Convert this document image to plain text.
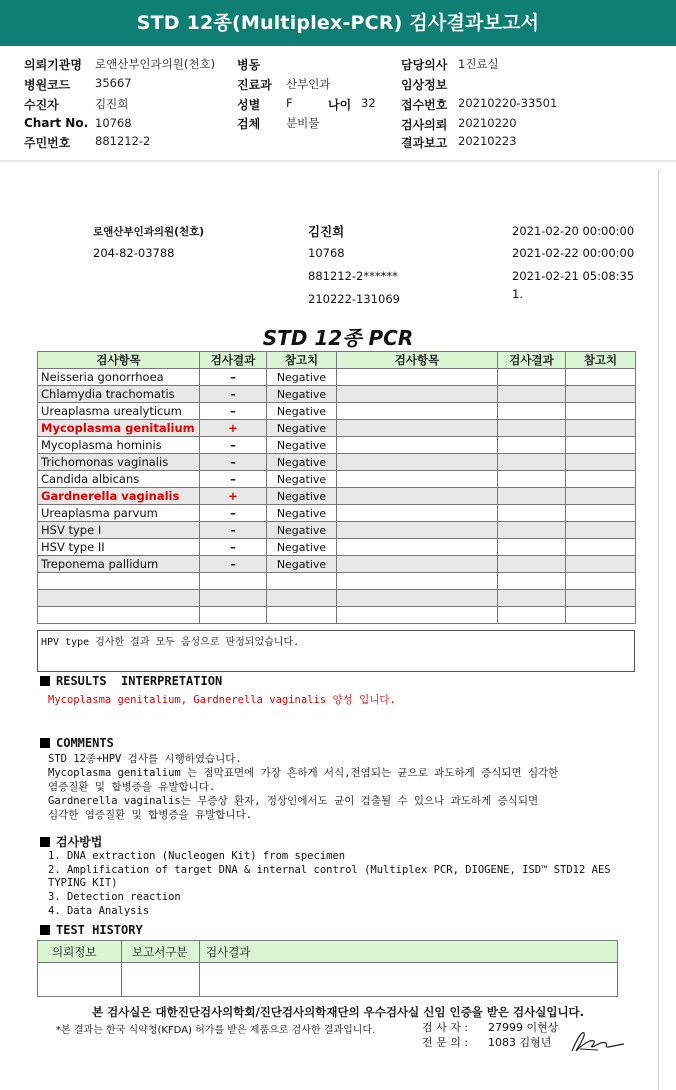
STD 12종(Multiplex-PCR) 검사결과보고서
의뢰기관명 로앤산부인과의원(천호)
병원코드 35667
수진자	김진희
Chart No. 10768
주민번호 881212-2
병동
진료과 산부인과
성별 F	나이 32
검체 분비물
담당의사 1진료실
임상정보
접수번호 20210220-33501
검사의뢰 20210220
결과보고 20210223
로앤산부인과의원(천호)
204-82-03788
김진희
10768
881212-2******
210222-131069
2021-02-20 00:00:00
2021-02-22 00:00:00
2021-02-21 05:08:35
1.
STD 12종 PCR
검사항목	검사결과	참고치	검사항목	검사결과	참고치
Neisseria gonorrhoea	–	Negative			
Chlamydia trachomatis	–	Negative			
Ureaplasma urealyticum	–	Negative			
Mycoplasma genitalium	+	Negative			
Mycoplasma hominis	–	Negative			
Trichomonas vaginalis	–	Negative			
Candida albicans	–	Negative			
Gardnerella vaginalis	+	Negative			
Ureaplasma parvum	–	Negative			
HSV type I	–	Negative			
HSV type II	–	Negative			
Treponema pallidum	–	Negative			

HPV type 검사한 결과 모두 음성으로 판정되었습니다.
RESULTS  INTERPRETATION
Mycoplasma genitalium, Gardnerella vaginalis 양성 입니다.
COMMENTS
STD 12종+HPV 검사를 시행하였습니다.
Mycoplasma genitalium 는 점막표면에 가장 흔하게 서식,전염되는 균으로 과도하게 증식되면 심각한
염증질환 및 합병증을 유발합니다.
Gardnerella vaginalis는 무증상 환자, 정상인에서도 균이 검출될 수 있으나 과도하게 증식되면
심각한 염증질환 및 합병증을 유발합니다.
검사방법
1. DNA extraction (Nucleogen Kit) from specimen
2. Amplification of target DNA & internal control (Multiplex PCR, DIOGENE, ISD™ STD12 AES
TYPING KIT)
3. Detection reaction
4. Data Analysis
TEST HISTORY
의뢰정보	보고서구분	검사결과

본 검사실은 대한진단검사의학회/진단검사의학재단의 우수검사실 신임 인증을 받은 검사실입니다.
*본 결과는 한국 식약청(KFDA) 허가를 받은 제품으로 검사한 결과입니다.	검 사 자 : 27999 이현상
전 문 의 : 1083 김형년
